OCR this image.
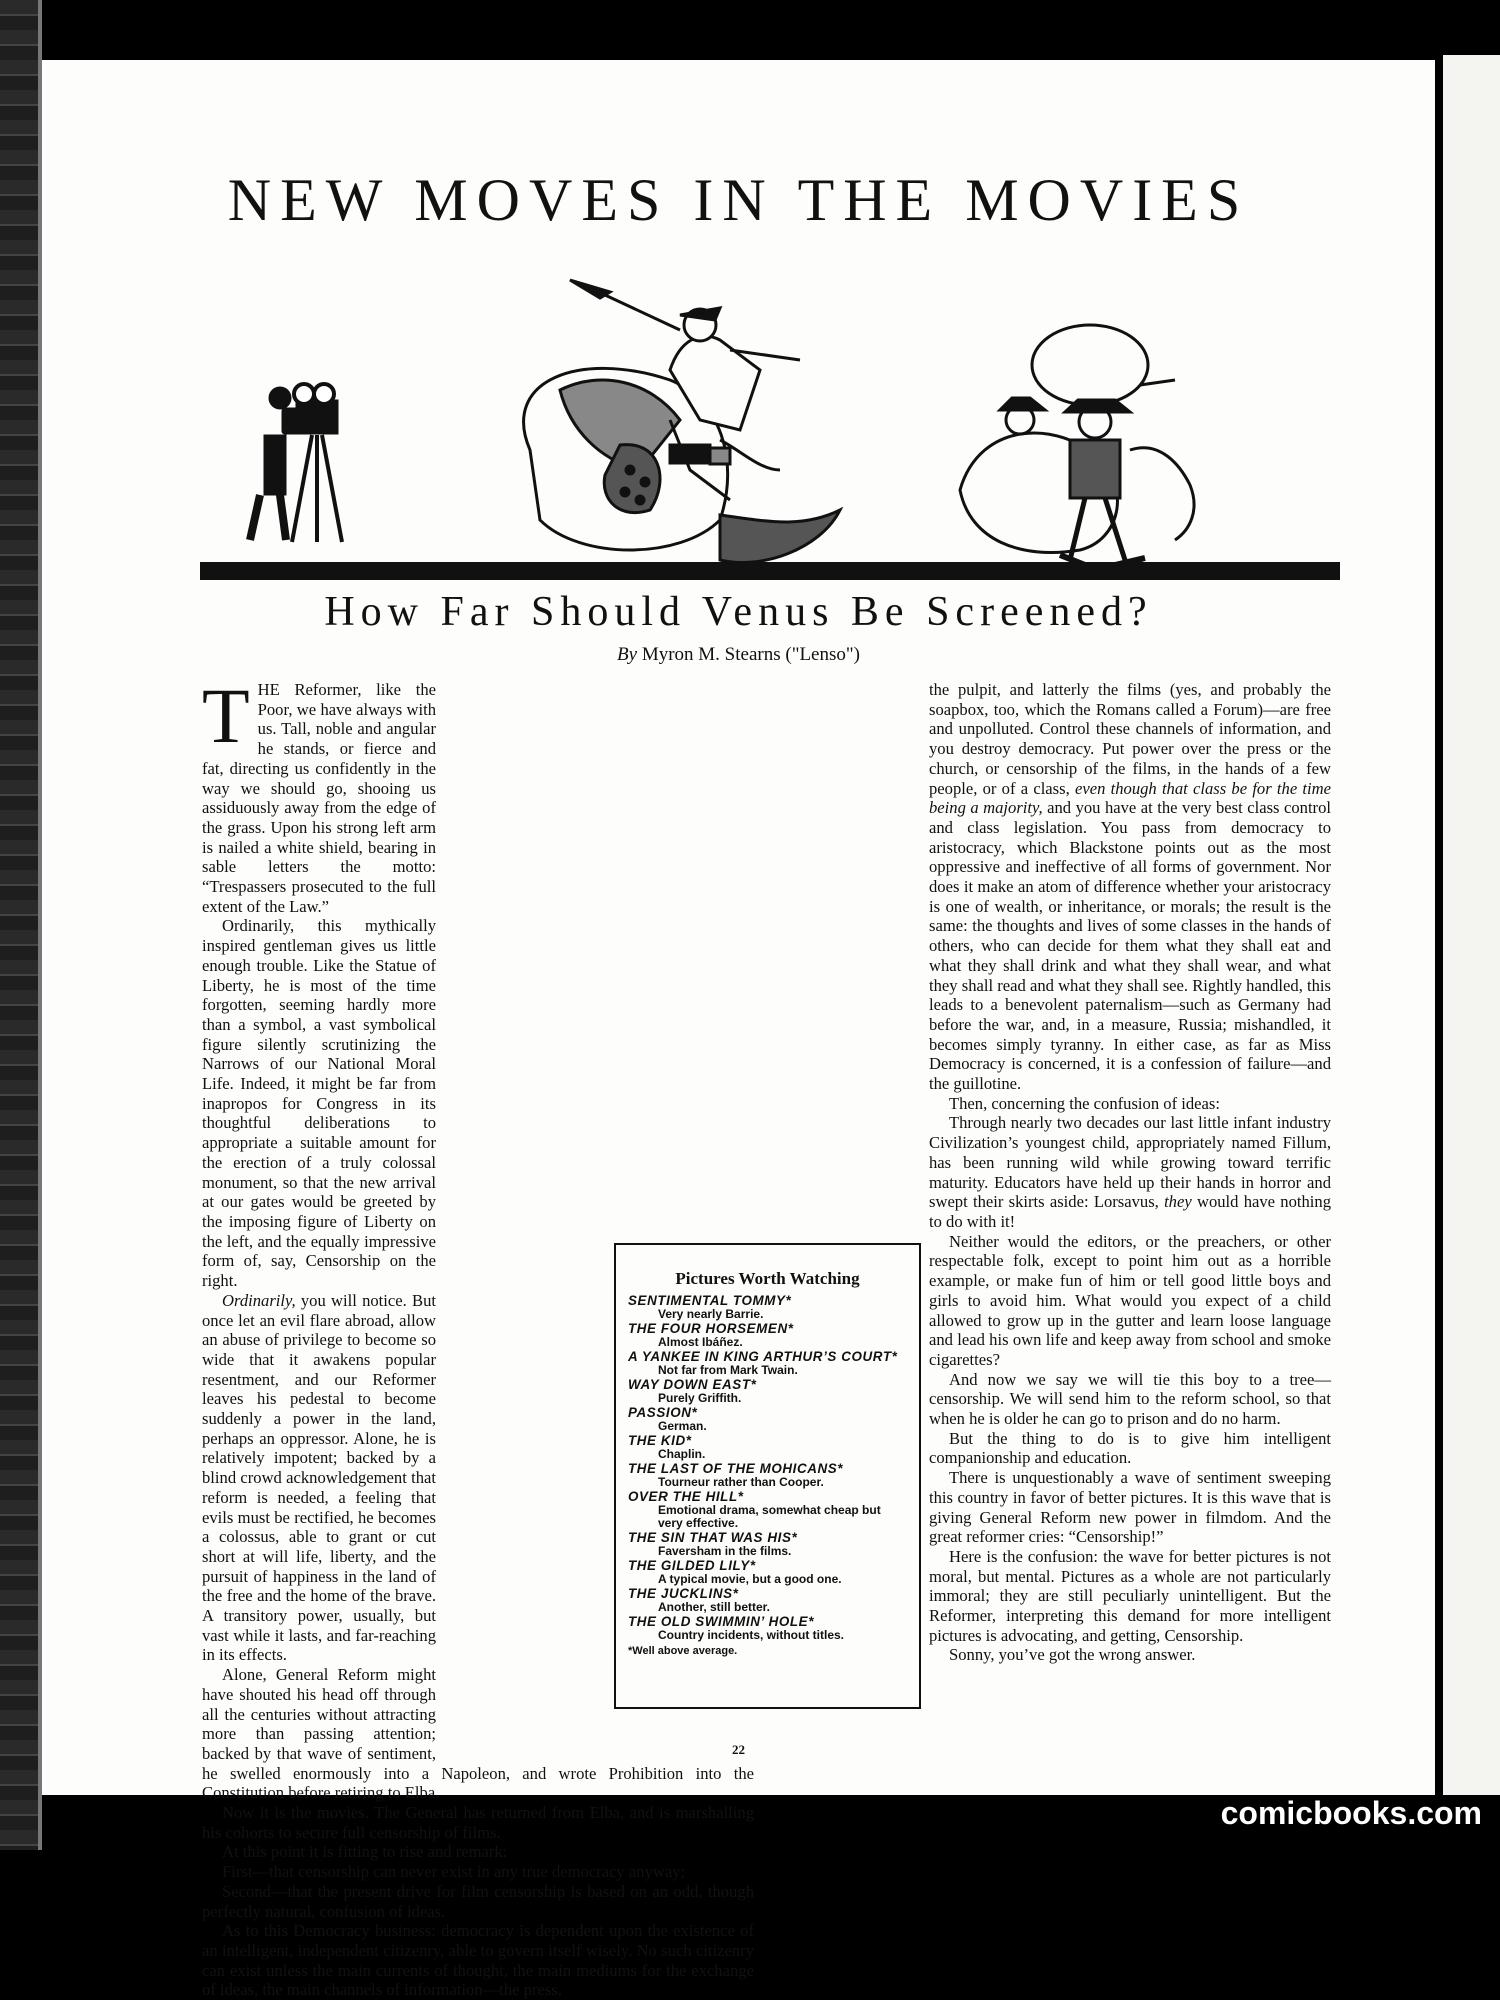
NEW MOVES IN THE MOVIES
How Far Should Venus Be Screened?
By Myron M. Stearns ("Lenso")

THE Reformer, like the Poor, we have always with us. Tall, noble and angular he stands, or fierce and fat, directing us confidently in the way we should go, shooing us assiduously away from the edge of the grass. Upon his strong left arm is nailed a white shield, bearing in sable letters the motto: “Trespassers prosecuted to the full extent of the Law.”

Ordinarily, this mythically inspired gentleman gives us little enough trouble. Like the Statue of Liberty, he is most of the time forgotten, seeming hardly more than a symbol, a vast symbolical figure silently scrutinizing the Narrows of our National Moral Life. Indeed, it might be far from inapropos for Congress in its thoughtful deliberations to appropriate a suitable amount for the erection of a truly colossal monument, so that the new arrival at our gates would be greeted by the imposing figure of Liberty on the left, and the equally impressive form of, say, Censorship on the right.

Ordinarily, you will notice. But once let an evil flare abroad, allow an abuse of privilege to become so wide that it awakens popular resentment, and our Reformer leaves his pedestal to become suddenly a power in the land, perhaps an oppressor. Alone, he is relatively impotent; backed by a blind crowd acknowledgement that reform is needed, a feeling that evils must be rectified, he becomes a colossus, able to grant or cut short at will life, liberty, and the pursuit of happiness in the land of the free and the home of the brave. A transitory power, usually, but vast while it lasts, and far-reaching in its effects.

Alone, General Reform might have shouted his head off through all the centuries without attracting more than passing attention; backed by that wave of sentiment, he swelled enormously into a Napoleon, and wrote Prohibition into the Constitution before retiring to Elba.

Now it is the movies. The General has returned from Elba, and is marshalling his cohorts to secure full censorship of films.

At this point it is fitting to rise and remark:

First—that censorship can never exist in any true democracy anyway;

Second—that the present drive for film censorship is based on an odd, though perfectly natural, confusion of ideas.

As to this Democracy business: democracy is dependent upon the existence of an intelligent, independent citizenry, able to govern itself wisely. No such citizenry can exist unless the main currents of thought, the main mediums for the exchange of ideas, the main channels of information—the press,

the pulpit, and latterly the films (yes, and probably the soapbox, too, which the Romans called a Forum)—are free and unpolluted. Control these channels of information, and you destroy democracy. Put power over the press or the church, or censorship of the films, in the hands of a few people, or of a class, even though that class be for the time being a majority, and you have at the very best class control and class legislation. You pass from democracy to aristocracy, which Blackstone points out as the most oppressive and ineffective of all forms of government. Nor does it make an atom of difference whether your aristocracy is one of wealth, or inheritance, or morals; the result is the same: the thoughts and lives of some classes in the hands of others, who can decide for them what they shall eat and what they shall drink and what they shall wear, and what they shall read and what they shall see. Rightly handled, this leads to a benevolent paternalism—such as Germany had before the war, and, in a measure, Russia; mishandled, it becomes simply tyranny. In either case, as far as Miss Democracy is concerned, it is a confession of failure—and the guillotine.

Then, concerning the confusion of ideas:

Through nearly two decades our last little infant industry Civilization’s youngest child, appropriately named Fillum, has been running wild while growing toward terrific maturity. Educators have held up their hands in horror and swept their skirts aside: Lorsavus, they would have nothing to do with it!

Neither would the editors, or the preachers, or other respectable folk, except to point him out as a horrible example, or make fun of him or tell good little boys and girls to avoid him. What would you expect of a child allowed to grow up in the gutter and learn loose language and lead his own life and keep away from school and smoke cigarettes?

And now we say we will tie this boy to a tree—censorship. We will send him to the reform school, so that when he is older he can go to prison and do no harm.

But the thing to do is to give him intelligent companionship and education.

There is unquestionably a wave of sentiment sweeping this country in favor of better pictures. It is this wave that is giving General Reform new power in filmdom. And the great reformer cries: “Censorship!”

Here is the confusion: the wave for better pictures is not moral, but mental. Pictures as a whole are not particularly immoral; they are still peculiarly unintelligent. But the Reformer, interpreting this demand for more intelligent pictures is advocating, and getting, Censorship.

Sonny, you’ve got the wrong answer.

Pictures Worth Watching
SENTIMENTAL TOMMY*
Very nearly Barrie.
THE FOUR HORSEMEN*
Almost Ibáñez.
A YANKEE IN KING ARTHUR’S COURT*
Not far from Mark Twain.
WAY DOWN EAST*
Purely Griffith.
PASSION*
German.
THE KID*
Chaplin.
THE LAST OF THE MOHICANS*
Tourneur rather than Cooper.
OVER THE HILL*
Emotional drama, somewhat cheap but very effective.
THE SIN THAT WAS HIS*
Faversham in the films.
THE GILDED LILY*
A typical movie, but a good one.
THE JUCKLINS*
Another, still better.
THE OLD SWIMMIN’ HOLE*
Country incidents, without titles.
*Well above average.
22
comicbooks.com
